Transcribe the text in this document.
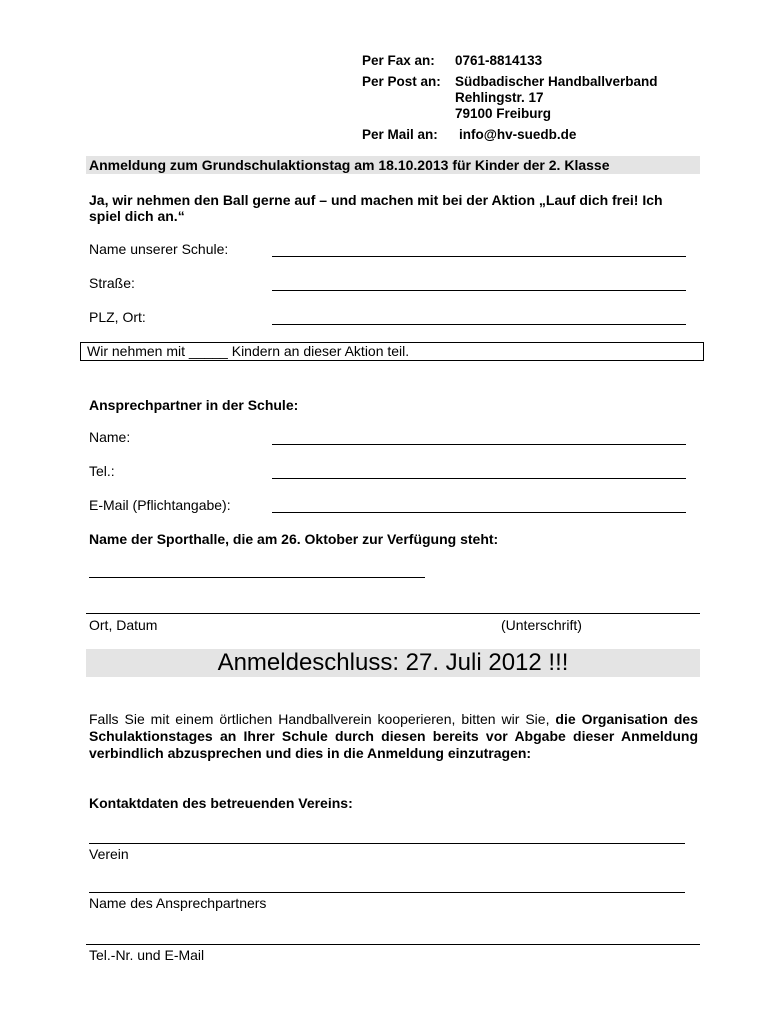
Per Fax an:	0761-8814133
Per Post an:	Südbadischer Handballverband
Rehlingstr. 17
79100 Freiburg
Per Mail an:	info@hv-suedb.de
Anmeldung zum Grundschulaktionstag am 18.10.2013 für Kinder der 2. Klasse
Ja, wir nehmen den Ball gerne auf – und machen mit bei der Aktion „Lauf dich frei! Ich spiel dich an.“
Name unserer Schule:
Straße:
PLZ, Ort:
Wir nehmen mit _____ Kindern an dieser Aktion teil.
Ansprechpartner in der Schule:
Name:
Tel.:
E-Mail (Pflichtangabe):
Name der Sporthalle, die am 26. Oktober zur Verfügung steht:
Ort, Datum	(Unterschrift)
Anmeldeschluss: 27. Juli 2012 !!!
Falls Sie mit einem örtlichen Handballverein kooperieren, bitten wir Sie, die Organisation des Schulaktionstages an Ihrer Schule durch diesen bereits vor Abgabe dieser Anmeldung verbindlich abzusprechen und dies in die Anmeldung einzutragen:
Kontaktdaten des betreuenden Vereins:
Verein
Name des Ansprechpartners
Tel.-Nr. und E-Mail
